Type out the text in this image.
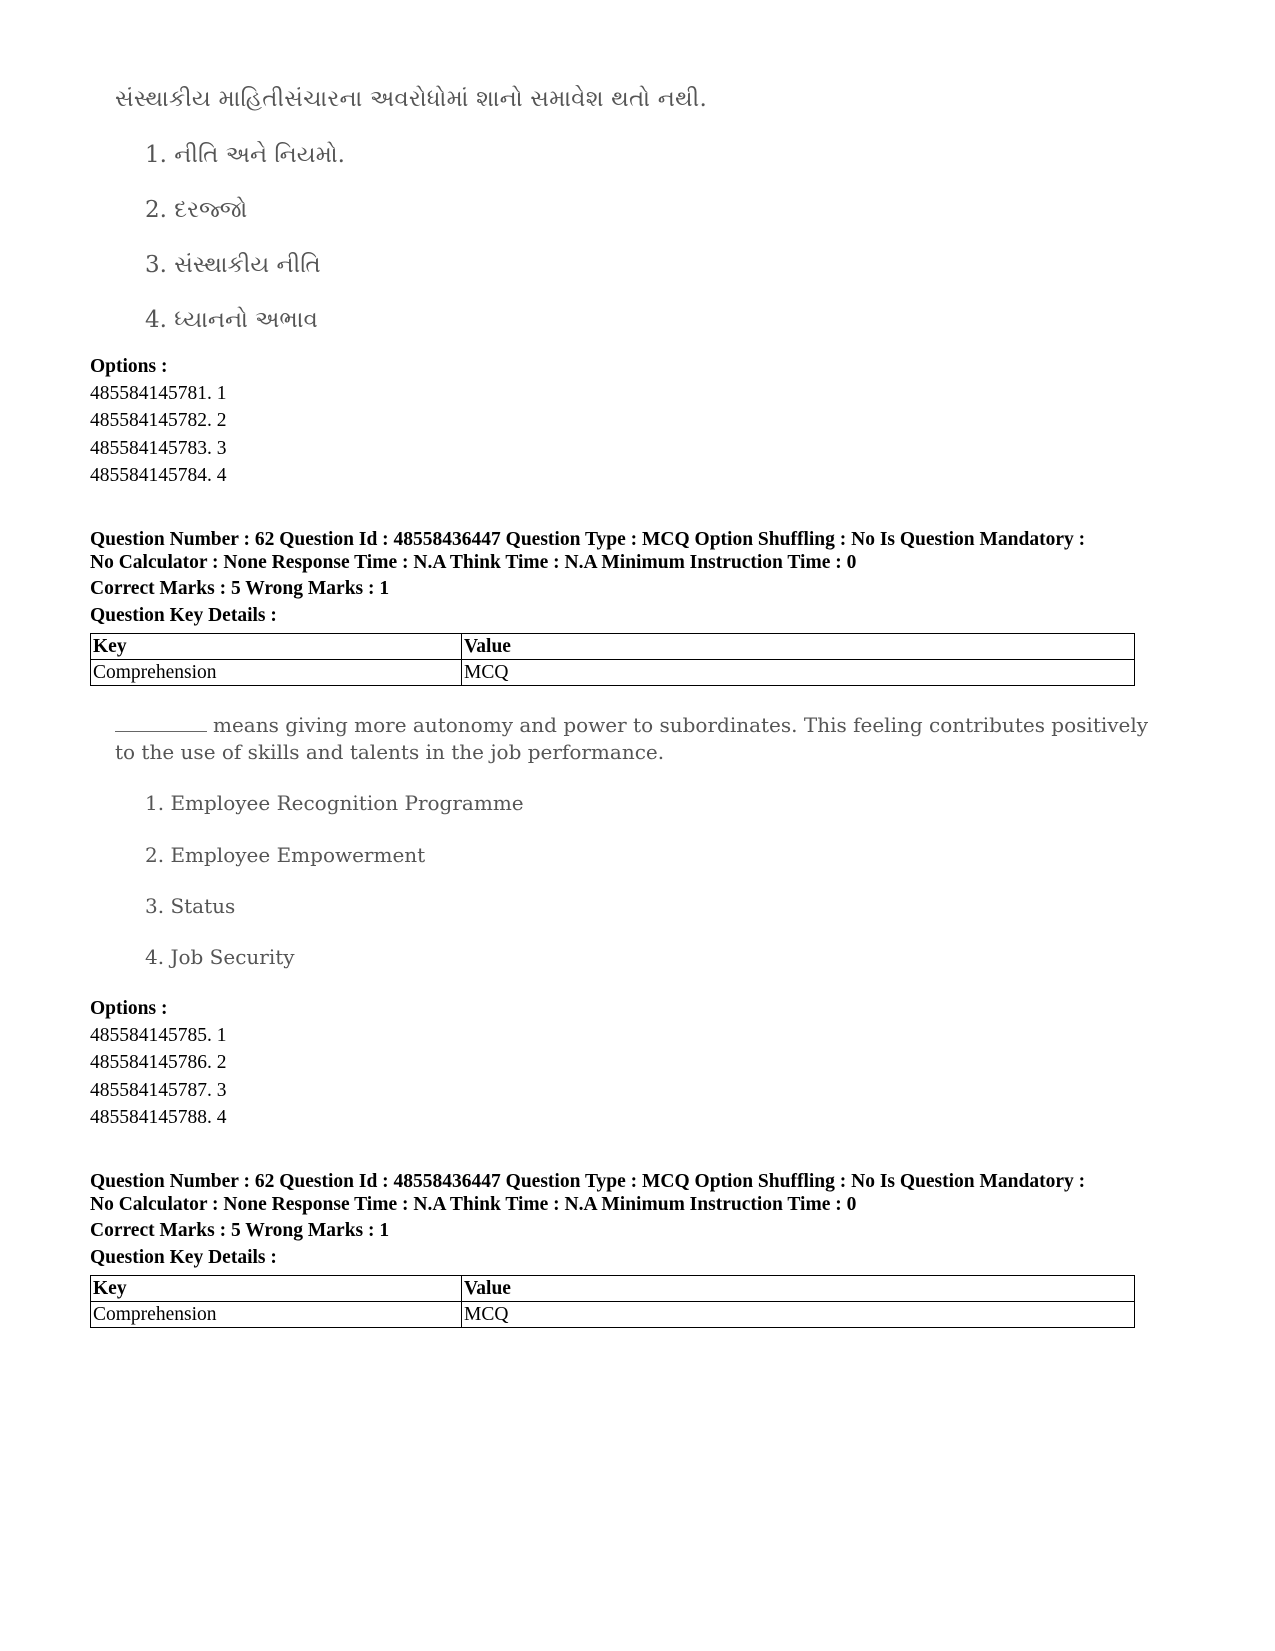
સંસ્થાકીય માહિતીસંચારના અવરોધોમાં શાનો સમાવેશ થતો નથી.
1. નીતિ અને નિયમો.
2. દરજ્જો
3. સંસ્થાકીય નીતિ
4. ધ્યાનનો અભાવ
Options :
485584145781. 1
485584145782. 2
485584145783. 3
485584145784. 4
Question Number : 62 Question Id : 48558436447 Question Type : MCQ Option Shuffling : No Is Question Mandatory :
No Calculator : None Response Time : N.A Think Time : N.A Minimum Instruction Time : 0
Correct Marks : 5 Wrong Marks : 1
Question Key Details :
Key	Value
Comprehension	MCQ
means giving more autonomy and power to subordinates. This feeling contributes positively to the use of skills and talents in the job performance.
1. Employee Recognition Programme
2. Employee Empowerment
3. Status
4. Job Security
Options :
485584145785. 1
485584145786. 2
485584145787. 3
485584145788. 4
Question Number : 62 Question Id : 48558436447 Question Type : MCQ Option Shuffling : No Is Question Mandatory :
No Calculator : None Response Time : N.A Think Time : N.A Minimum Instruction Time : 0
Correct Marks : 5 Wrong Marks : 1
Question Key Details :
Key	Value
Comprehension	MCQ
